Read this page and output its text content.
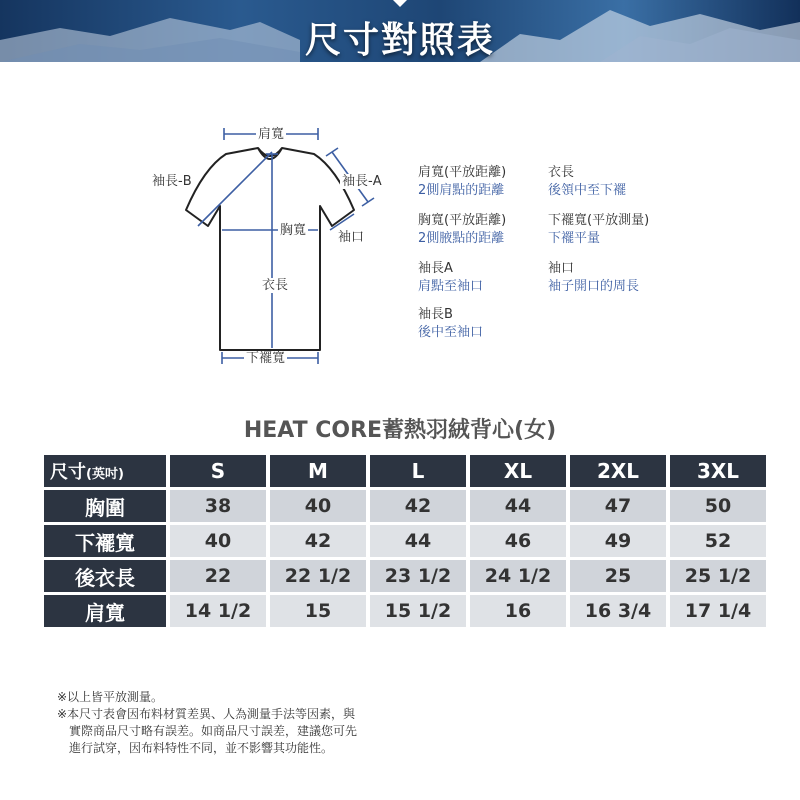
尺寸對照表
肩寬
袖長-B	袖長-A
胸寬 袖口
衣長
下襬寬
肩寬(平放距離)
2側肩點的距離
衣長
後領中至下襬
胸寬(平放距離)
2側腋點的距離
下襬寬(平放測量)
下襬平量
袖長A
肩點至袖口
袖口
袖子開口的周長
袖長B
後中至袖口
HEAT CORE蓄熱羽絨背心(女)
尺寸(英吋)	S	M	L	XL	2XL	3XL
胸圍	38	40	42	44	47	50
下襬寬	40	42	44	46	49	52
後衣長	22	22 1/2	23 1/2	24 1/2	25	25 1/2
肩寬	14 1/2	15	15 1/2	16	16 3/4	17 1/4
※以上皆平放測量。
※本尺寸表會因布料材質差異、人為測量手法等因素，與
實際商品尺寸略有誤差。如商品尺寸誤差，建議您可先
進行試穿，因布料特性不同，並不影響其功能性。
